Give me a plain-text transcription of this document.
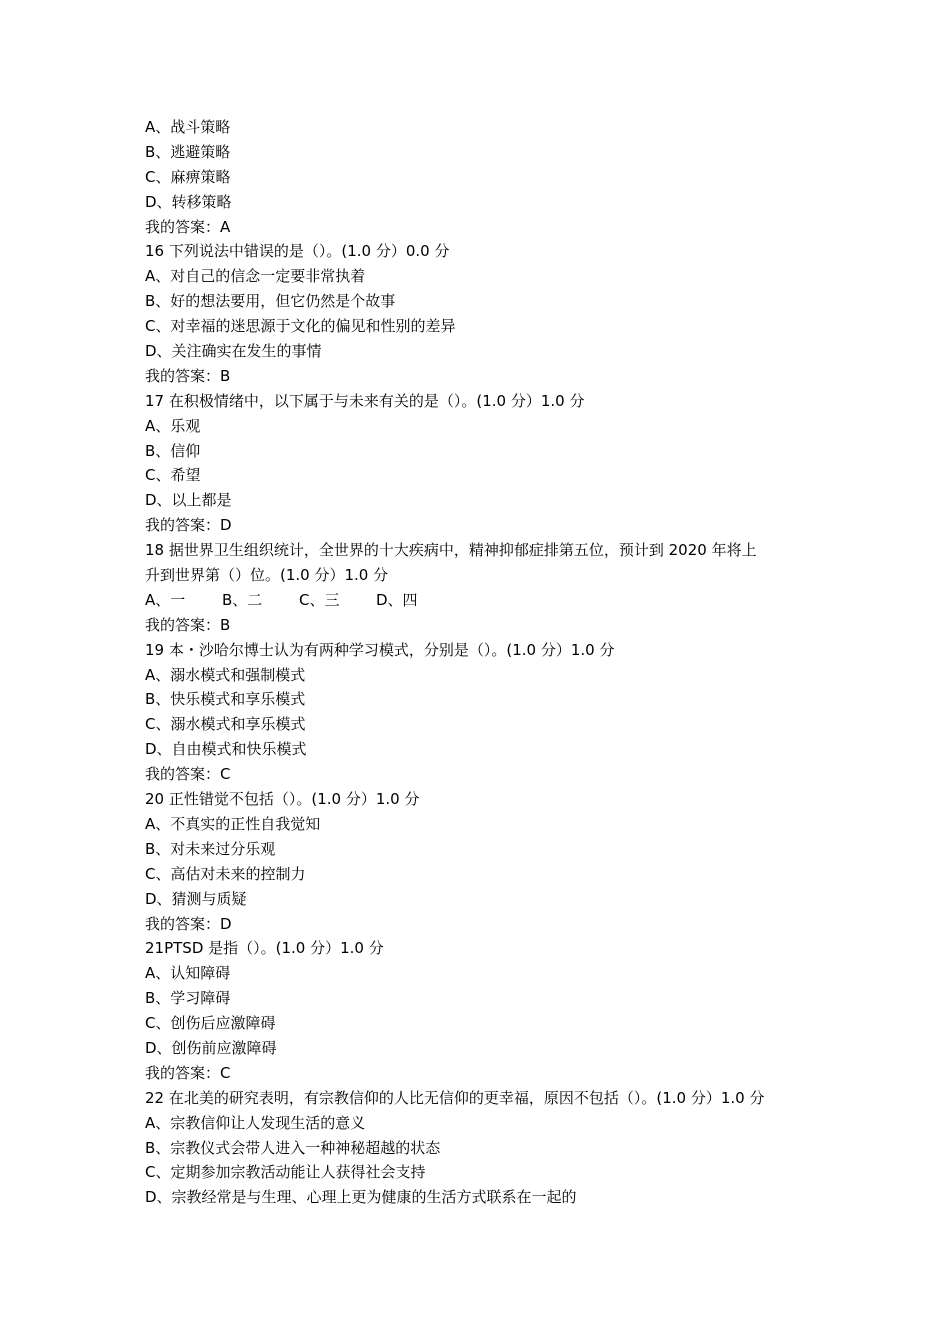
A、战斗策略
B、逃避策略
C、麻痹策略
D、转移策略
我的答案：A
16 下列说法中错误的是（）。(1.0 分）0.0 分
A、对自己的信念一定要非常执着
B、好的想法要用，但它仍然是个故事
C、对幸福的迷思源于文化的偏见和性别的差异
D、关注确实在发生的事情
我的答案：B
17 在积极情绪中，以下属于与未来有关的是（）。(1.0 分）1.0 分
A、乐观
B、信仰
C、希望
D、以上都是
我的答案：D
18 据世界卫生组织统计，全世界的十大疾病中，精神抑郁症排第五位，预计到 2020 年将上
升到世界第（）位。(1.0 分）1.0 分
A、一 B、二 C、三 D、四
我的答案：B
19 本・沙哈尔博士认为有两种学习模式，分别是（）。(1.0 分）1.0 分
A、溺水模式和强制模式
B、快乐模式和享乐模式
C、溺水模式和享乐模式
D、自由模式和快乐模式
我的答案：C
20 正性错觉不包括（）。(1.0 分）1.0 分
A、不真实的正性自我觉知
B、对未来过分乐观
C、高估对未来的控制力
D、猜测与质疑
我的答案：D
21PTSD 是指（）。(1.0 分）1.0 分
A、认知障碍
B、学习障碍
C、创伤后应激障碍
D、创伤前应激障碍
我的答案：C
22 在北美的研究表明，有宗教信仰的人比无信仰的更幸福，原因不包括（）。(1.0 分）1.0 分
A、宗教信仰让人发现生活的意义
B、宗教仪式会带人进入一种神秘超越的状态
C、定期参加宗教活动能让人获得社会支持
D、宗教经常是与生理、心理上更为健康的生活方式联系在一起的
